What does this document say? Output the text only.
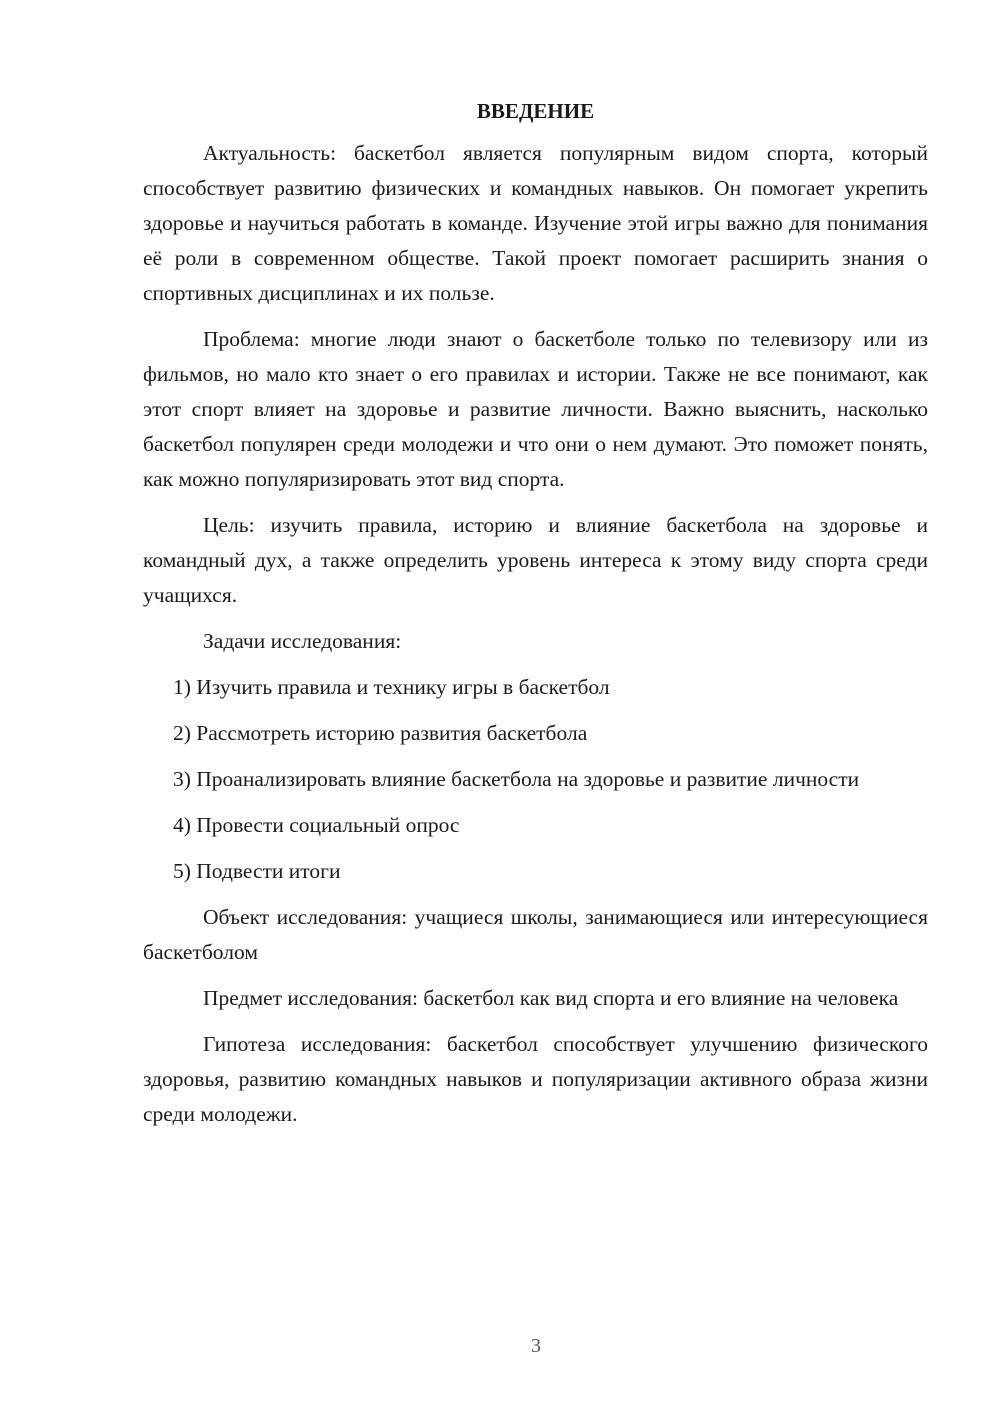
ВВЕДЕНИЕ

Актуальность: баскетбол является популярным видом спорта, который способствует развитию физических и командных навыков. Он помогает укрепить здоровье и научиться работать в команде. Изучение этой игры важно для понимания её роли в современном обществе. Такой проект помогает расширить знания о спортивных дисциплинах и их пользе.

Проблема: многие люди знают о баскетболе только по телевизору или из фильмов, но мало кто знает о его правилах и истории. Также не все понимают, как этот спорт влияет на здоровье и развитие личности. Важно выяснить, насколько баскетбол популярен среди молодежи и что они о нем думают. Это поможет понять, как можно популяризировать этот вид спорта.

Цель: изучить правила, историю и влияние баскетбола на здоровье и командный дух, а также определить уровень интереса к этому виду спорта среди учащихся.

Задачи исследования:

1) Изучить правила и технику игры в баскетбол

2) Рассмотреть историю развития баскетбола

3) Проанализировать влияние баскетбола на здоровье и развитие личности

4) Провести социальный опрос

5) Подвести итоги

Объект исследования: учащиеся школы, занимающиеся или интересующиеся баскетболом

Предмет исследования: баскетбол как вид спорта и его влияние на человека

Гипотеза исследования: баскетбол способствует улучшению физического здоровья, развитию командных навыков и популяризации активного образа жизни среди молодежи.

3
